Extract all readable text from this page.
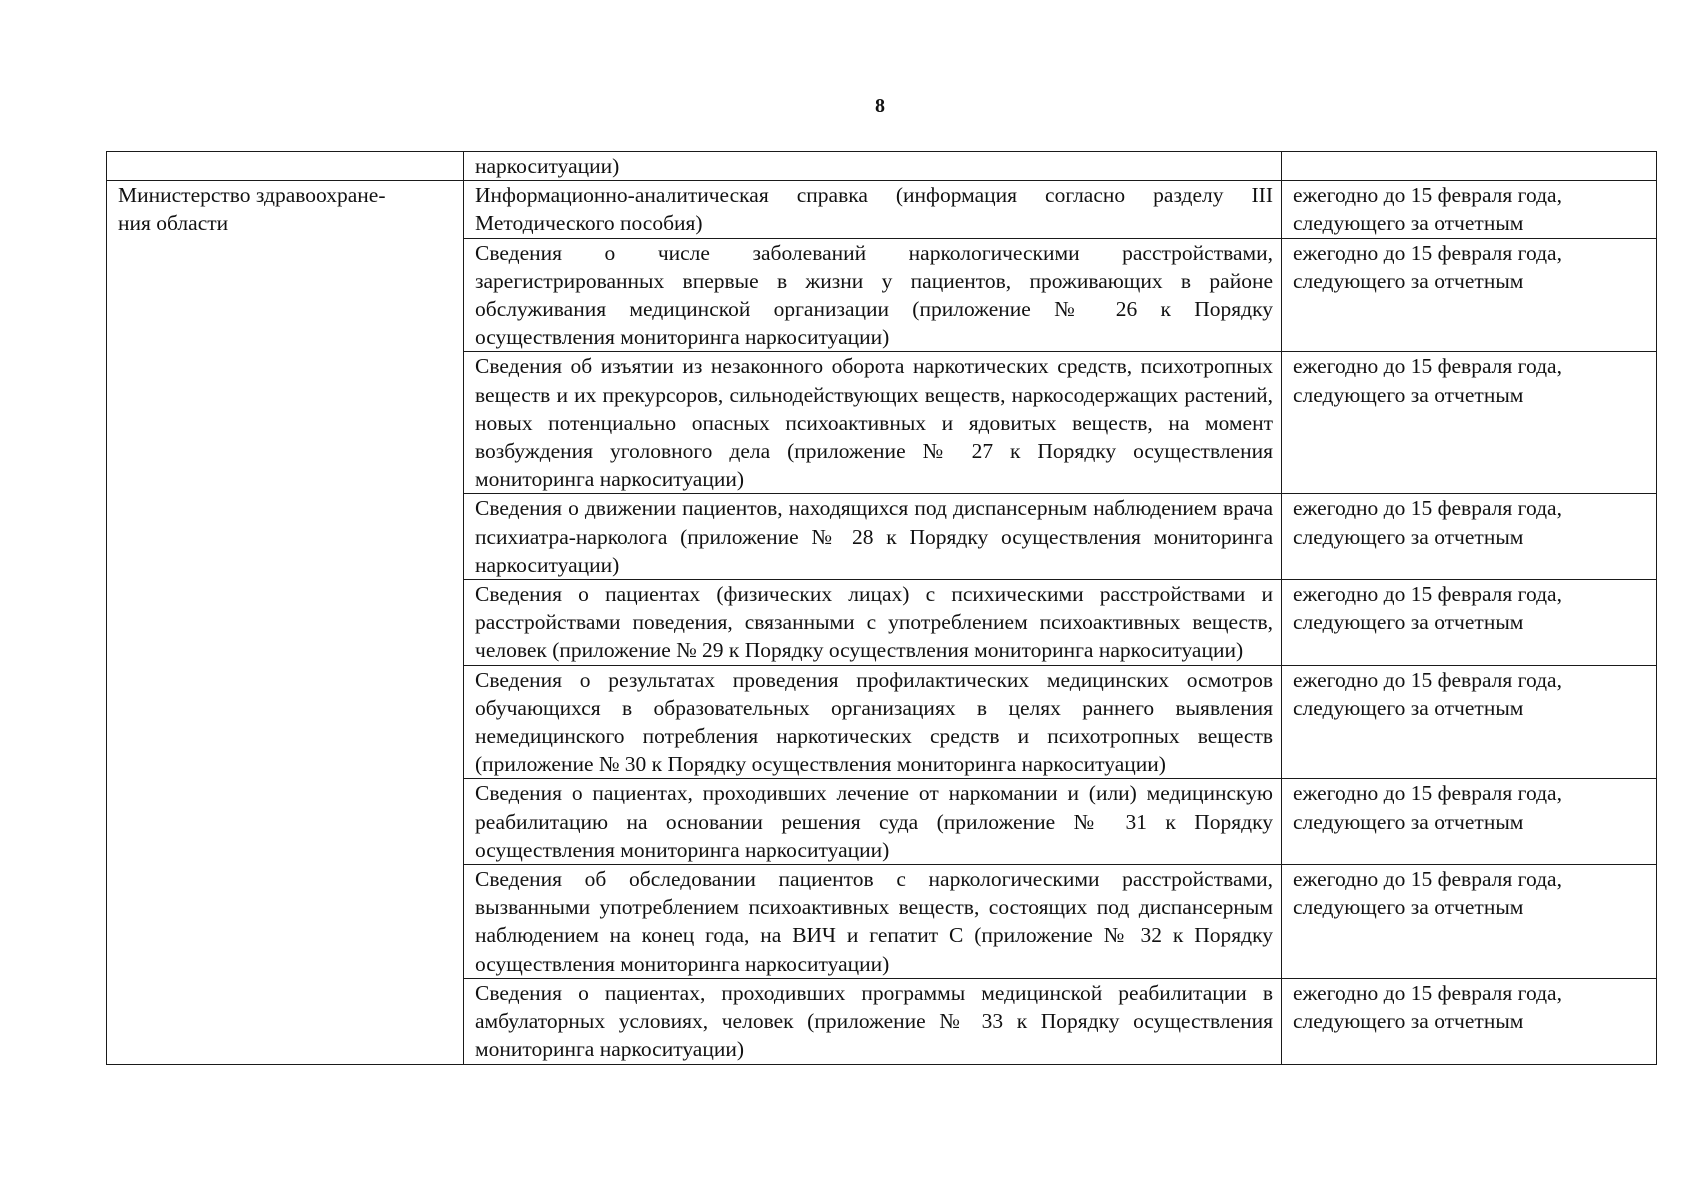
8
	наркоситуации)	
Министерство здравоохране-
ния области	Информационно-аналитическая справка (информация согласно разделу III Методического пособия)	ежегодно до 15 февраля года, следующего за отчетным
	Сведения о числе заболеваний наркологическими расстройствами, зарегистрированных впервые в жизни у пациентов, проживающих в районе обслуживания медицинской организации (приложение № 26 к Порядку осуществления мониторинга наркоситуации)	ежегодно до 15 февраля года, следующего за отчетным
	Сведения об изъятии из незаконного оборота наркотических средств, психотропных веществ и их прекурсоров, сильнодействующих веществ, наркосодержащих растений, новых потенциально опасных психоактивных и ядовитых веществ, на момент возбуждения уголовного дела (приложение № 27 к Порядку осуществления мониторинга наркоситуации)	ежегодно до 15 февраля года, следующего за отчетным
	Сведения о движении пациентов, находящихся под диспансерным наблюдением врача психиатра-нарколога (приложение № 28 к Порядку осуществления мониторинга наркоситуации)	ежегодно до 15 февраля года, следующего за отчетным
	Сведения о пациентах (физических лицах) с психическими расстройствами и расстройствами поведения, связанными с употреблением психоактивных веществ, человек (приложение № 29 к Порядку осуществления мониторинга наркоситуации)	ежегодно до 15 февраля года, следующего за отчетным
	Сведения о результатах проведения профилактических медицинских осмотров обучающихся в образовательных организациях в целях раннего выявления немедицинского потребления наркотических средств и психотропных веществ (приложение № 30 к Порядку осуществления мониторинга наркоситуации)	ежегодно до 15 февраля года, следующего за отчетным
	Сведения о пациентах, проходивших лечение от наркомании и (или) медицинскую реабилитацию на основании решения суда (приложение № 31 к Порядку осуществления мониторинга наркоситуации)	ежегодно до 15 февраля года, следующего за отчетным
	Сведения об обследовании пациентов с наркологическими расстройствами, вызванными употреблением психоактивных веществ, состоящих под диспансерным наблюдением на конец года, на ВИЧ и гепатит С (приложение № 32 к Порядку осуществления мониторинга наркоситуации)	ежегодно до 15 февраля года, следующего за отчетным
	Сведения о пациентах, проходивших программы медицинской реабилитации в амбулаторных условиях, человек (приложение № 33 к Порядку осуществления мониторинга наркоситуации)	ежегодно до 15 февраля года, следующего за отчетным
